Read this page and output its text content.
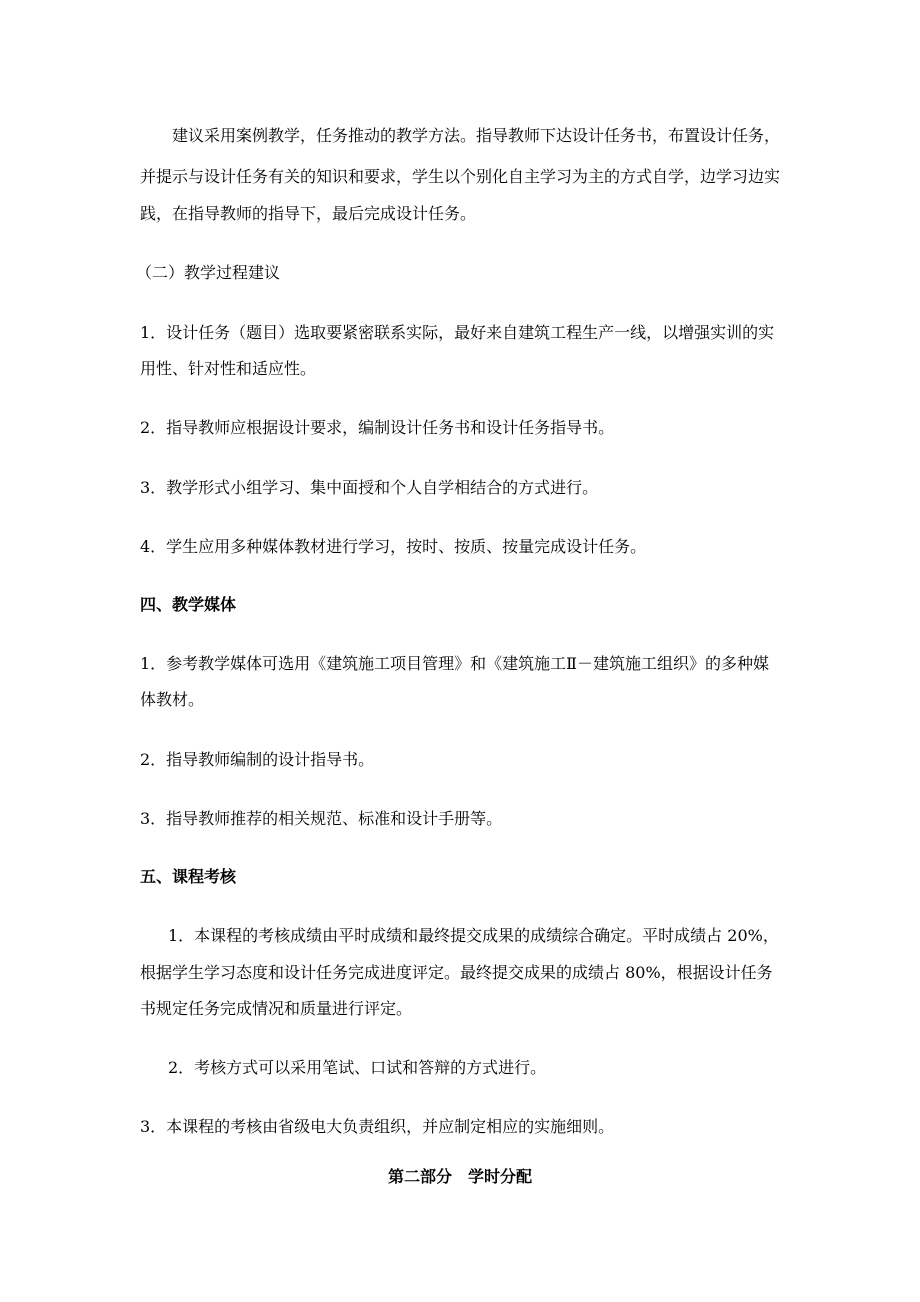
建议采用案例教学，任务推动的教学方法。指导教师下达设计任务书，布置设计任务，

并提示与设计任务有关的知识和要求，学生以个别化自主学习为主的方式自学，边学习边实

践，在指导教师的指导下，最后完成设计任务。

（二）教学过程建议

1．设计任务（题目）选取要紧密联系实际，最好来自建筑工程生产一线，以增强实训的实

用性、针对性和适应性。

2．指导教师应根据设计要求，编制设计任务书和设计任务指导书。

3．教学形式小组学习、集中面授和个人自学相结合的方式进行。

4．学生应用多种媒体教材进行学习，按时、按质、按量完成设计任务。

四、教学媒体

1．参考教学媒体可选用《建筑施工项目管理》和《建筑施工Ⅱ－建筑施工组织》的多种媒

体教材。

2．指导教师编制的设计指导书。

3．指导教师推荐的相关规范、标准和设计手册等。

五、课程考核

1．本课程的考核成绩由平时成绩和最终提交成果的成绩综合确定。平时成绩占 20%，

根据学生学习态度和设计任务完成进度评定。最终提交成果的成绩占 80%，根据设计任务

书规定任务完成情况和质量进行评定。

2．考核方式可以采用笔试、口试和答辩的方式进行。

3．本课程的考核由省级电大负责组织，并应制定相应的实施细则。

第二部分　学时分配
